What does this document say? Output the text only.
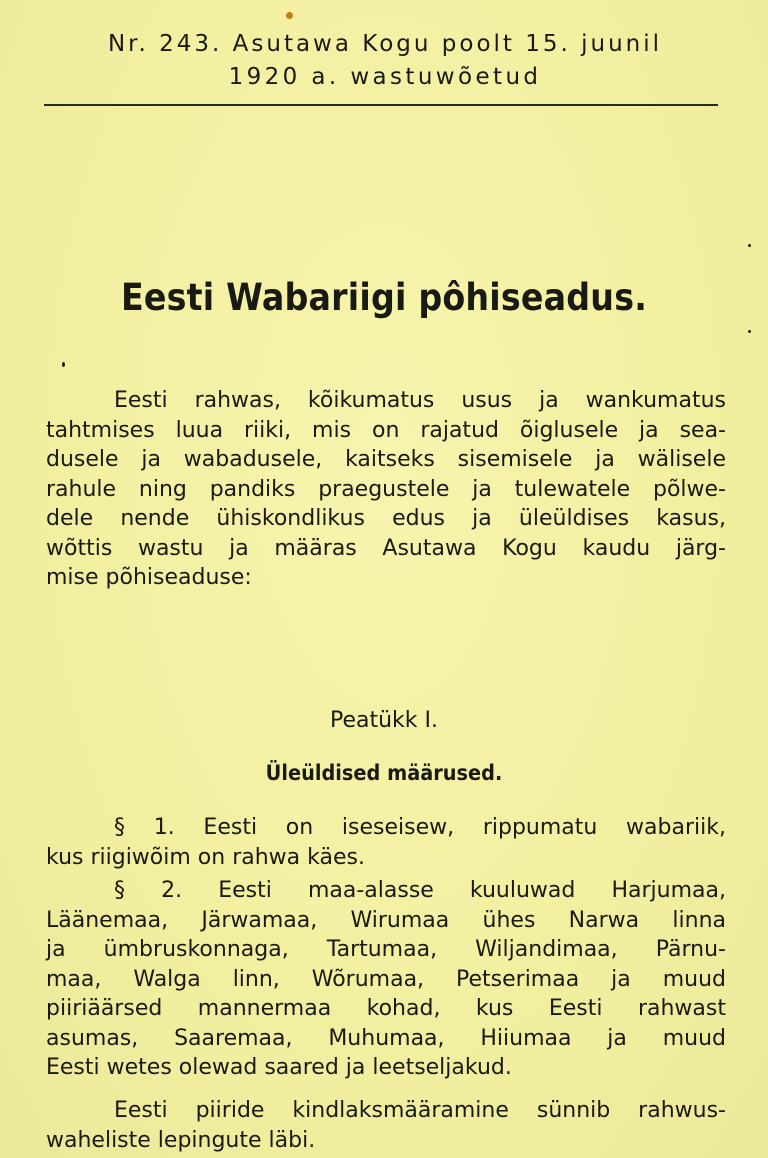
Nr. 243. Asutawa Kogu poolt 15. juunil
1920 a. wastuwõetud
Eesti Wabariigi pôhiseadus.
Eesti rahwas, kõikumatus usus ja wankumatus
tahtmises luua riiki, mis on rajatud õiglusele ja sea-
dusele ja wabadusele, kaitseks sisemisele ja wälisele
rahule ning pandiks praegustele ja tulewatele põlwe-
dele nende ühiskondlikus edus ja üleüldises kasus,
wõttis wastu ja määras Asutawa Kogu kaudu järg-
mise põhiseaduse:
Peatükk I.
Üleüldised määrused.
§ 1. Eesti on iseseisew, rippumatu wabariik,
kus riigiwõim on rahwa käes.
§ 2. Eesti maa-alasse kuuluwad Harjumaa,
Läänemaa, Järwamaa, Wirumaa ühes Narwa linna
ja ümbruskonnaga, Tartumaa, Wiljandimaa, Pärnu-
maa, Walga linn, Wõrumaa, Petserimaa ja muud
piiriäärsed mannermaa kohad, kus Eesti rahwast
asumas, Saaremaa, Muhumaa, Hiiumaa ja muud
Eesti wetes olewad saared ja leetseljakud.
Eesti piiride kindlaksmääramine sünnib rahwus-
waheliste lepingute läbi.
